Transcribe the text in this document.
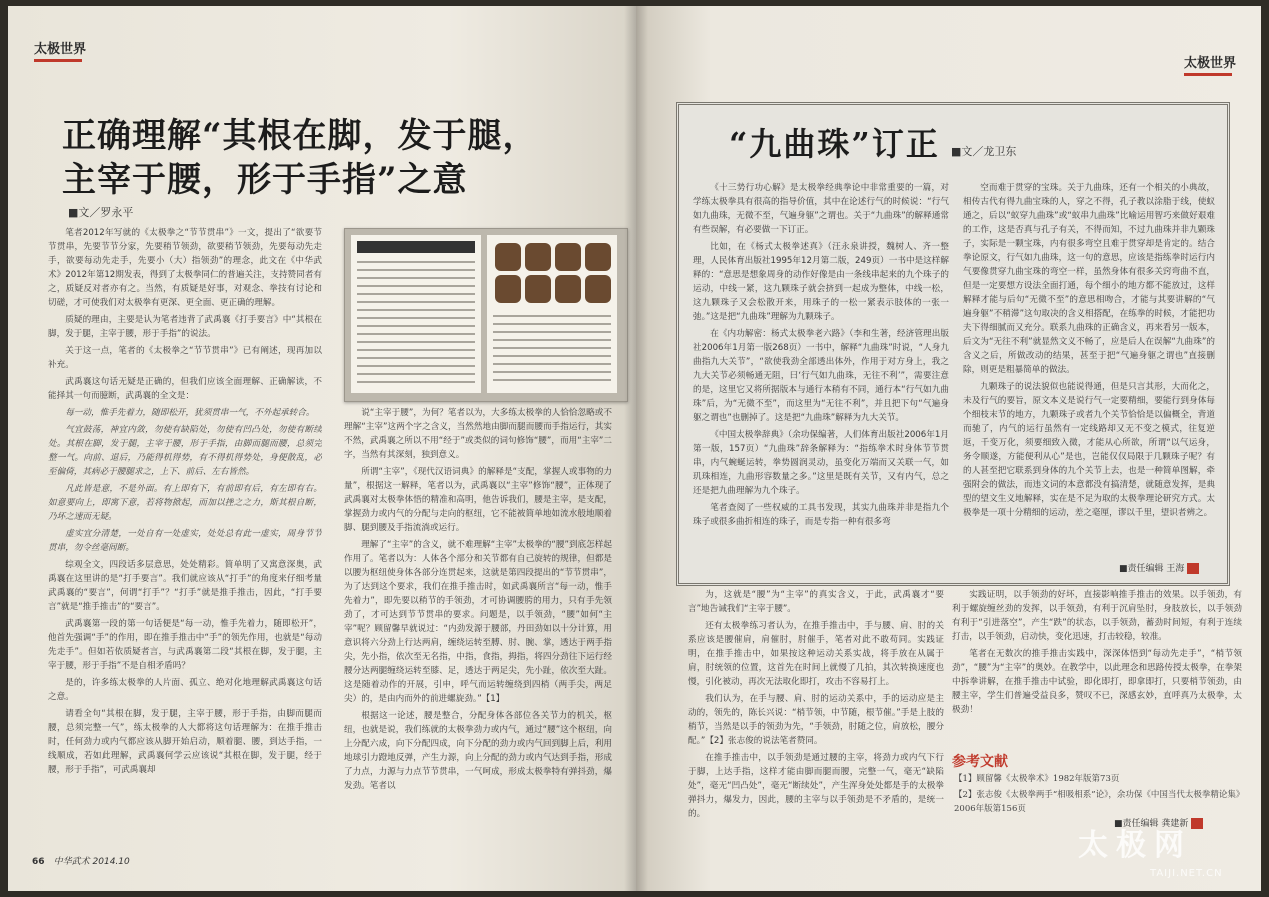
太极世界
正确理解“其根在脚，发于腿，
主宰于腰，形于手指”之意
■文／罗永平

笔者2012年写就的《太极拳之“节节贯串”》一文，提出了“欲要节节贯串，先要节节分家，先要稍节领劲，欲要稍节领劲，先要每动先走手，欲要每动先走手，先要小（大）指领劲”的理念，此文在《中华武术》2012年第12期发表，得到了太极拳同仁的普遍关注，支持赞同者有之，质疑反对者亦有之。当然，有质疑是好事，对观念、拳技有讨论和切磋，才可使我们对太极拳有更深、更全面、更正确的理解。

质疑的理由，主要是认为笔者违背了武禹襄《打手要言》中“其根在脚，发于腿，主宰于腰，形于手指”的说法。

关于这一点，笔者的《太极拳之“节节贯串”》已有阐述，现再加以补充。

武禹襄这句话无疑是正确的，但我们应该全面理解、正确解读，不能择其一句而臆断，武禹襄的全文是：

每一动，惟手先着力，随即松开，犹须贯串一气，不外起承转合。

气宜鼓荡，神宜内敛，勿使有缺陷处，勿使有凹凸处，勿使有断续处。其根在脚，发于腿，主宰于腰，形于手指，由脚而腿而腰，总须完整一气。向前、退后，乃能得机得势，有不得机得势处，身便散乱，必至偏倚，其病必于腰腿求之，上下、前后、左右皆然。

凡此皆是意，不是外面。有上即有下，有前即有后，有左即有右。如意要向上，即寓下意，若将物掀起，而加以挫之之力，斯其根自断，乃坏之速而无疑。

虚实宜分清楚，一处自有一处虚实，处处总有此一虚实，周身节节贯串，勿令丝毫间断。

综观全文，四段话多层意思，处处精彩。简单明了又寓意深奥，武禹襄在这里讲的是“打手要言”。我们就应该从“打手”的角度来仔细考量武禹襄的“要言”，何谓“打手”？“打手”就是推手推击，因此，“打手要言”就是“推手推击”的“要言”。

武禹襄第一段的第一句话便是“每一动，惟手先着力，随即松开”，他首先强调“手”的作用，即在推手推击中“手”的领先作用，也就是“每动先走手”。但如若依质疑者言，与武禹襄第二段“其根在脚，发于腿，主宰于腰，形于手指”不是自相矛盾吗？

是的，许多练太极拳的人片面、孤立、绝对化地理解武禹襄这句话之意。

请看全句“其根在脚，发于腿，主宰于腰，形于手指，由脚而腿而腰，总须完整一气”，练太极拳的人大都将这句话理解为：在推手推击时，任何劲力或内气都应该从脚开始启动，顺着腿、腰，到达手指，一线顺成，若如此理解，武禹襄何学云应该说“其根在脚，发于腿，经于腰，形于手指”，可武禹襄却

说“主宰于腰”，为何？笔者以为，大多练太极拳的人恰恰忽略或不理解“主宰”这两个字之含义，当然然地由脚而腿而腰而手指运行，其实不然，武禹襄之所以不用“经于”或类似的词句修饰“腰”，而用“主宰”二字，当然有其深刻，独到意义。

所谓“主宰”，《现代汉语词典》的解释是“支配，掌握人或事物的力量”，根据这一解释，笔者以为，武禹襄以“主宰”修饰“腰”，正体现了武禹襄对太极拳体悟的精准和高明，他告诉我们，腰是主宰，是支配，掌握劲力或内气的分配与走向的枢纽，它不能被简单地如流水般地顺着脚、腿到腰及手指流淌或运行。

理解了“主宰”的含义，就不难理解“主宰”太极拳的“腰”到底怎样起作用了。笔者以为：人体各个部分和关节都有自己旋转的规律，但都是以腰为枢纽使身体各部分连贯起来，这就是第四段提出的“节节贯串”，为了达到这个要求，我们在推手推击时，如武禹襄所言“每一动，惟手先着力”，即先要以稍节的手领劲，才可协调腰胯的用力，只有手先领劲了，才可达到节节贯串的要求。问题是，以手领劲，“腰”如何“主宰”呢？顾留馨早就说过：“内劲发源于腰部，丹田劲如以十分计算，用意识将六分劲上行达两肩，缠绕运转至膊、肘、腕、掌，透达于两手指尖，先小指，依次至无名指，中指，食指，拇指，将四分劲往下运行经腰分达两腿缠绕运转至膝、足，透达于两足尖，先小趾，依次至大趾。这是随着动作的开展，引申，呼气而运转缠绕到四梢（两手尖，两足尖）的，是由内而外的前进螺旋劲。”【1】

根据这一论述，腰是整合，分配身体各部位各关节力的机关，枢纽，也就是说，我们练就的太极拳劲力或内气，通过“腰”这个枢纽，向上分配六成，向下分配四成，向下分配的劲力或内气回到脚上后，利用地球引力蹬地反弹，产生力源，向上分配的劲力或内气达到手指，形成了力点，力源与力点节节贯串，一气呵成，形成太极拳特有弹抖劲，爆发劲。笔者以

66 中华武术 2014.10
太极世界
“九曲珠”订正 ■文／龙卫东

《十三势行功心解》是太极拳经典拳论中非常重要的一篇，对学练太极拳具有很高的指导价值，其中在论述行气的时候说：“行气如九曲珠，无微不至，气遍身躯”之谓也。关于“九曲珠”的解释通常有些误解，有必要做一下订正。

比如，在《杨式太极拳述真》（汪永泉讲授，魏树人、齐一整理，人民体育出版社1995年12月第二版，249页）一书中是这样解释的：“意思是想象周身的动作好像是由一条线串起来的九个珠子的运动，中线一紧，这九颗珠子就会挤到一起成为整体，中线一松，这九颗珠子又会松散开来，用珠子的一松一紧表示肢体的一张一弛。”这是把“九曲珠”理解为九颗珠子。

在《内功解密：杨式太极拳老六路》（李和生著，经济管理出版社2006年1月第一版268页）一书中，解释“九曲珠”时说，“人身九曲指九大关节”，“欲使我劲全部透出体外，作用于对方身上，我之九大关节必须畅通无阻，曰‘行气如九曲珠，无往不利’”，需要注意的是，这里它又将所据版本与通行本稍有不同，通行本“行气如九曲珠”后，为“无微不至”，而这里为“无往不利”，并且把下句“气遍身躯之谓也”也删掉了。这是把“九曲珠”解释为九大关节。

《中国太极拳辞典》（余功保编著，人们体育出版社2006年1月第一版，157页）“九曲珠”辞条解释为：“指练拳术时身体节节贯串，内气蜿蜒运转，拳势圆润灵动，虽变化万端而又关联一气，如玑珠相连，九曲形容数量之多。”这里是既有关节，又有内气，总之还是把九曲理解为九个珠子。

笔者查阅了一些权威的工具书发现，其实九曲珠并非是指九个珠子或很多曲折相连的珠子，而是专指一种有很多弯

空而难于贯穿的宝珠。关于九曲珠，还有一个相关的小典故，相传古代有得九曲宝珠的人，穿之不得，孔子教以涂脂于线，使蚁通之，后以“蚁穿九曲珠”或“蚁串九曲珠”比喻运用智巧来做好艰难的工作，这是否真与孔子有关，不得而知，不过九曲珠并非九颗珠子，实际是一颗宝珠，内有很多弯空且难于贯穿却是肯定的。结合拳论原文，行气如九曲珠，这一句的意思，应该是指练拳时运行内气要像贯穿九曲宝珠的弯空一样，虽然身体有很多关窍弯曲不直，但是一定要想方设法全面打通，每个细小的地方都不能放过，这样解释才能与后句“无微不至”的意思相吻合，才能与其要讲解的“气遍身躯”不稍滞”这句取决的含义相搭配，在练拳的时候，才能把功夫下得细腻而又充分。联系九曲珠的正确含义，再来看另一版本，后文为“无往不利”就显然文义不畅了，应是后人在误解“九曲珠”的含义之后，所做改动的结果，甚至于把“气遍身躯之谓也”直接删除，则更是粗暴简单的做法。

九颗珠子的说法貌似也能说得通，但是只言其形，大而化之，未及行气的要旨，原文本义是说行气一定要精细，要能行到身体每个细枝末节的地方，九颗珠子或者九个关节恰恰是以偏概全，背道而驰了，内气的运行虽然有一定线路却又无不变之模式，往复逆返，千变万化，须要细致入微，才能从心所欲，所谓“以气运身，务令顺遂，方能便利从心”是也，岂能仅仅局限于几颗珠子呢？有的人甚至把它联系到身体的九个关节上去，也是一种简单图解，牵强附会的做法，而违文词的本意都没有搞清楚，就随意发挥，是典型的望文生义地解释，实在是不足为取的太极拳理论研究方式。太极拳是一项十分精细的运动，差之毫厘，谬以千里，望识者辨之。

■责任编辑 王海

为，这就是“腰”为“主宰”的真实含义，于此，武禹襄才“要言”地告诫我们“主宰于腰”。

还有太极拳练习者认为，在推手推击中，手与腰、肩、肘的关系应该是腰催肩，肩催肘，肘催手，笔者对此不敢苟同。实践证明，在推手推击中，如果按这种运动关系实战，将手放在从属于肩，肘统领的位置，这首先在时间上就慢了几拍，其次转换速度也慢，引化被动，再次无法取化即打，攻击不容易打上。

我们认为，在手与腰、肩、肘的运动关系中，手的运动应是主动的，领先的，陈长兴说：“梢节领，中节随，根节催。”手是上肢的梢节，当然是以手的领劲为先，“手领劲，肘随之位，肩放松，腰分配。”【2】张志俊的说法笔者赞同。

在推手推击中，以手领劲是通过腰的主宰，将劲力或内气下行于脚，上达手指，这样才能由脚而腿而腰，完整一气，毫无“缺陷处”，毫无“凹凸处”，毫无“断续处”，产生浑身处处都是手的太极拳弹抖力，爆发力，因此，腰的主宰与以手领劲是不矛盾的，是统一的。

实践证明，以手领劲的好坏，直接影响推手推击的效果。以手领劲，有利于螺旋缠丝劲的发挥，以手领劲，有利于沉肩坠肘，身肢放长，以手领劲有利于“引进落空”，产生“跌”的状态，以手领劲，蓄劲时间短，有利于连续打击，以手领劲，启动快，变化迅速，打击较稳，较准。

笔者在无数次的推手推击实践中，深深体悟到“每动先走手”，“梢节领劲”，“腰”为“主宰”的奥妙。在教学中，以此理念和思路传授太极拳，在拳架中拆拳讲解，在推手推击中试验，即化即打，即拿即打，只要梢节领劲，由腰主宰，学生们普遍受益良多，赞叹不已，深感玄妙，直呼真乃太极拳，太极劲！

参考文献
【1】顾留馨《太极拳术》1982年版第73页
【2】张志俊《太极拳两手“相吸相系”论》，余功保《中国当代太极拳精论集》2006年版第156页
■责任编辑 龚建新
太极网
TAIJI.NET.CN
